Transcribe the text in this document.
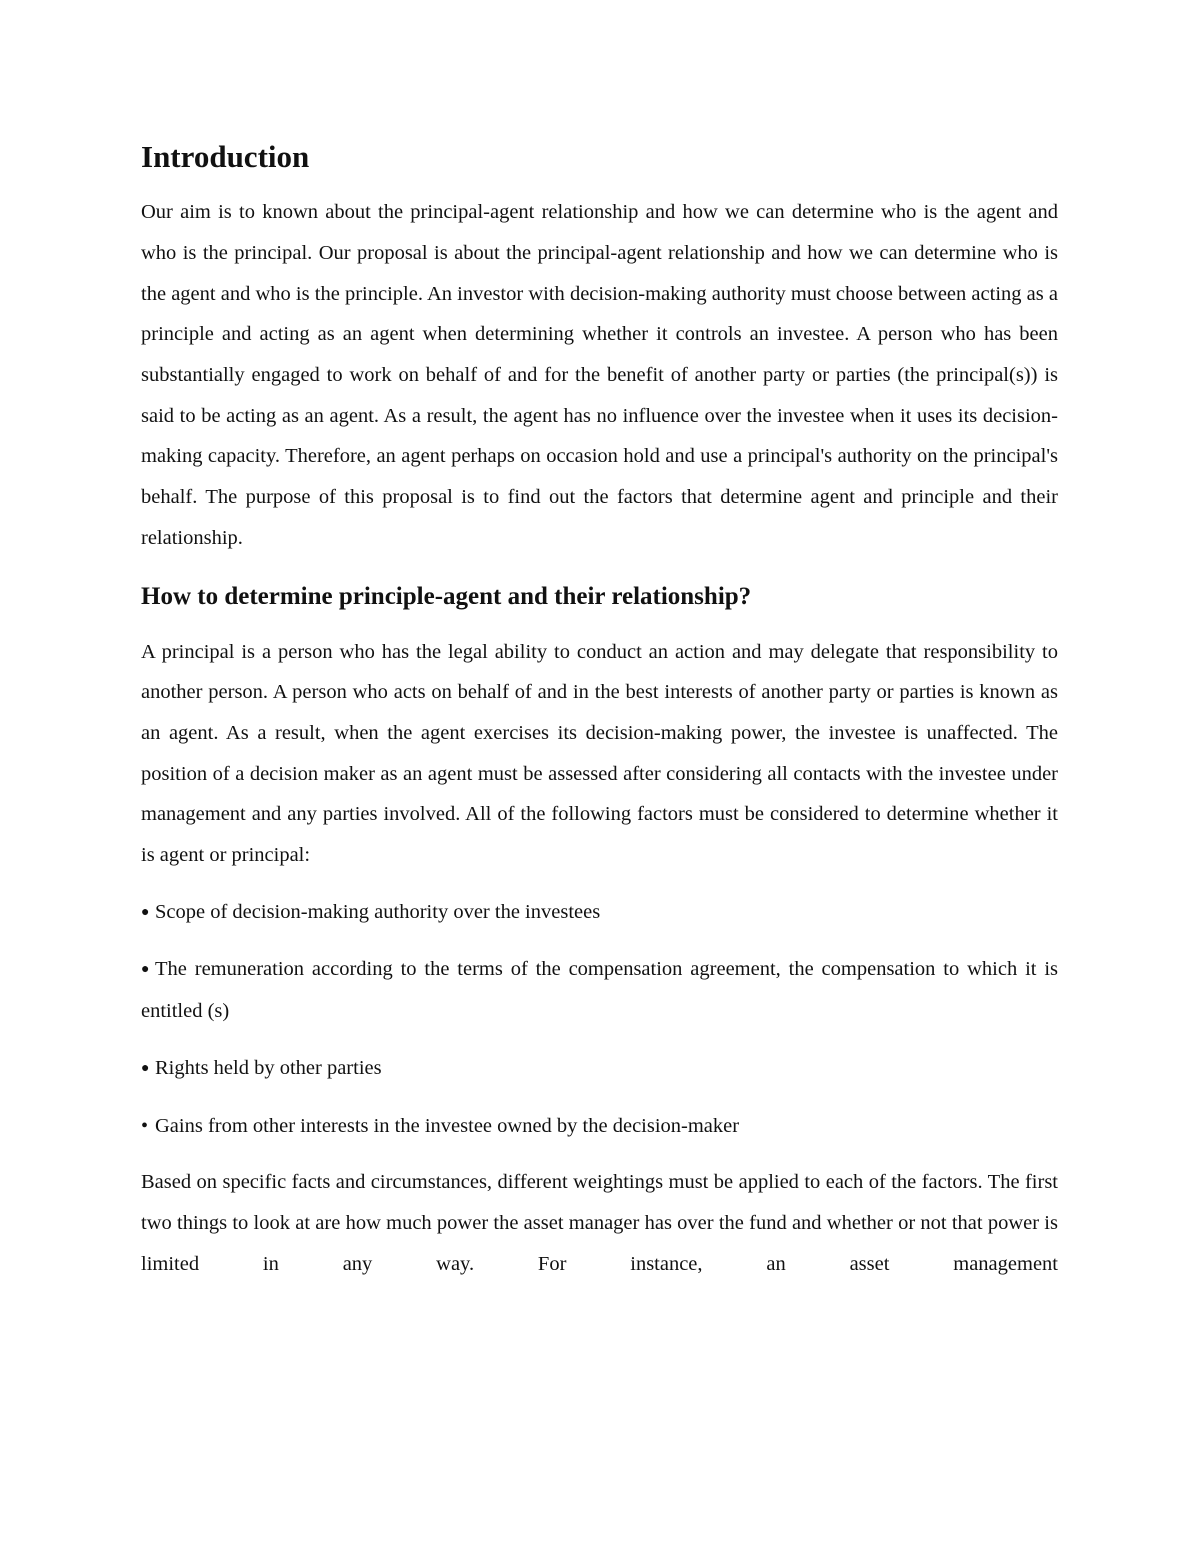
Introduction

Our aim is to known about the principal-agent relationship and how we can determine who is the agent and who is the principal. Our proposal is about the principal-agent relationship and how we can determine who is the agent and who is the principle. An investor with decision-making authority must choose between acting as a principle and acting as an agent when determining whether it controls an investee. A person who has been substantially engaged to work on behalf of and for the benefit of another party or parties (the principal(s)) is said to be acting as an agent. As a result, the agent has no influence over the investee when it uses its decision-making capacity. Therefore, an agent perhaps on occasion hold and use a principal's authority on the principal's behalf. The purpose of this proposal is to find out the factors that determine agent and principle and their relationship.

How to determine principle-agent and their relationship?

A principal is a person who has the legal ability to conduct an action and may delegate that responsibility to another person. A person who acts on behalf of and in the best interests of another party or parties is known as an agent. As a result, when the agent exercises its decision-making power, the investee is unaffected. The position of a decision maker as an agent must be assessed after considering all contacts with the investee under management and any parties involved. All of the following factors must be considered to determine whether it is agent or principal:

● Scope of decision-making authority over the investees

● The remuneration according to the terms of the compensation agreement, the compensation to which it is entitled (s)

● Rights held by other parties

• Gains from other interests in the investee owned by the decision-maker

Based on specific facts and circumstances, different weightings must be applied to each of the factors. The first two things to look at are how much power the asset manager has over the fund and whether or not that power is limited in any way. For instance, an asset management
